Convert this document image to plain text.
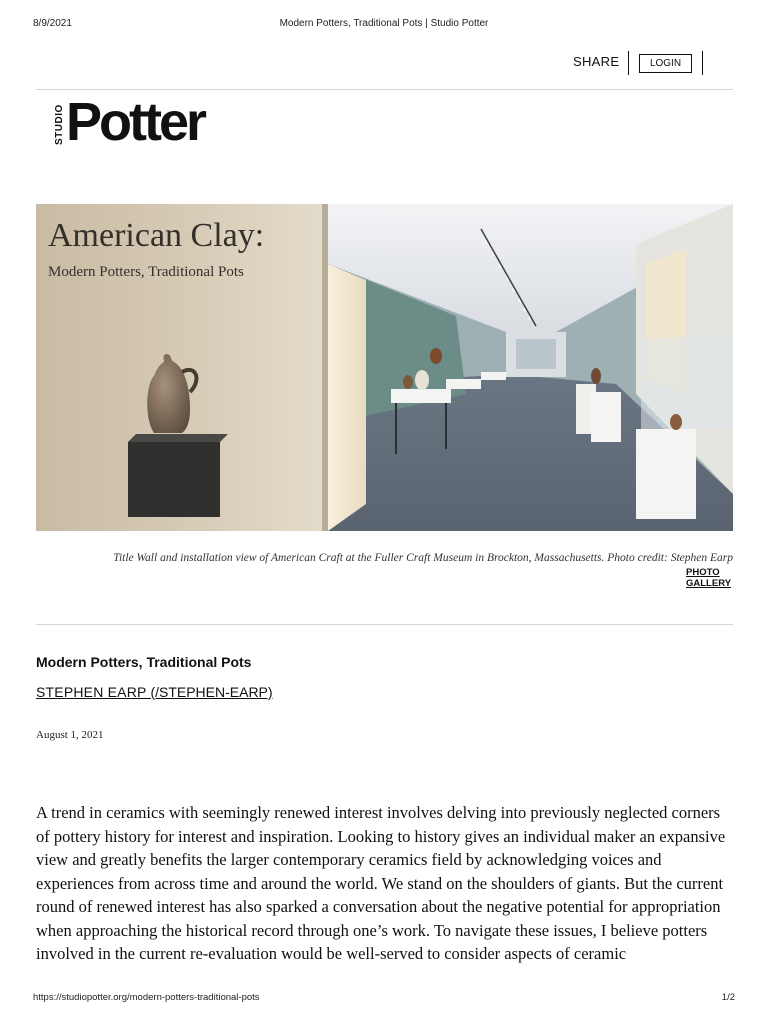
8/9/2021	Modern Potters, Traditional Pots | Studio Potter
SHARE	LOGIN
STUDIO Potter
American Clay:
Modern Potters, Traditional Pots
Title Wall and installation view of American Craft at the Fuller Craft Museum in Brockton, Massachusetts. Photo credit: Stephen Earp
PHOTO
GALLERY
Modern Potters, Traditional Pots
STEPHEN EARP (/STEPHEN-EARP)
August 1, 2021
A trend in ceramics with seemingly renewed interest involves delving into previously neglected corners of pottery history for interest and inspiration. Looking to history gives an individual maker an expansive view and greatly benefits the larger contemporary ceramics field by acknowledging voices and experiences from across time and around the world. We stand on the shoulders of giants. But the current round of renewed interest has also sparked a conversation about the negative potential for appropriation when approaching the historical record through one’s work. To navigate these issues, I believe potters involved in the current re-evaluation would be well-served to consider aspects of ceramic
https://studiopotter.org/modern-potters-traditional-pots	1/2
